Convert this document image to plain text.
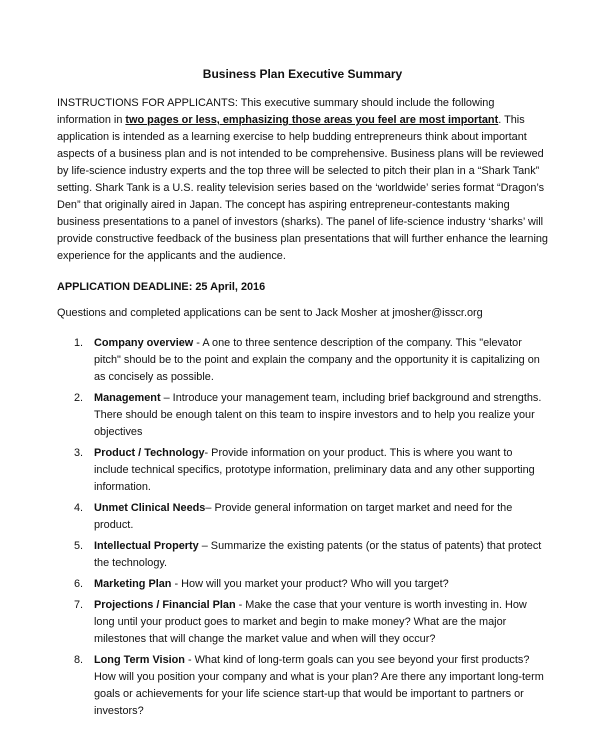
Business Plan Executive Summary

INSTRUCTIONS FOR APPLICANTS: This executive summary should include the following information in two pages or less, emphasizing those areas you feel are most important. This application is intended as a learning exercise to help budding entrepreneurs think about important aspects of a business plan and is not intended to be comprehensive. Business plans will be reviewed by life-science industry experts and the top three will be selected to pitch their plan in a “Shark Tank” setting. Shark Tank is a U.S. reality television series based on the ‘worldwide’ series format “Dragon’s Den” that originally aired in Japan. The concept has aspiring entrepreneur-contestants making business presentations to a panel of investors (sharks). The panel of life-science industry ‘sharks’ will provide constructive feedback of the business plan presentations that will further enhance the learning experience for the applicants and the audience.

APPLICATION DEADLINE: 25 April, 2016
Questions and completed applications can be sent to Jack Mosher at jmosher@isscr.org
1. Company overview - A one to three sentence description of the company. This "elevator pitch" should be to the point and explain the company and the opportunity it is capitalizing on as concisely as possible.
2. Management – Introduce your management team, including brief background and strengths. There should be enough talent on this team to inspire investors and to help you realize your objectives
3. Product / Technology- Provide information on your product. This is where you want to include technical specifics, prototype information, preliminary data and any other supporting information.
4. Unmet Clinical Needs– Provide general information on target market and need for the product.
5. Intellectual Property – Summarize the existing patents (or the status of patents) that protect the technology.
6. Marketing Plan - How will you market your product? Who will you target?
7. Projections / Financial Plan - Make the case that your venture is worth investing in. How long until your product goes to market and begin to make money? What are the major milestones that will change the market value and when will they occur?
8. Long Term Vision - What kind of long-term goals can you see beyond your first products? How will you position your company and what is your plan? Are there any important long-term goals or achievements for your life science start-up that would be important to partners or investors?
